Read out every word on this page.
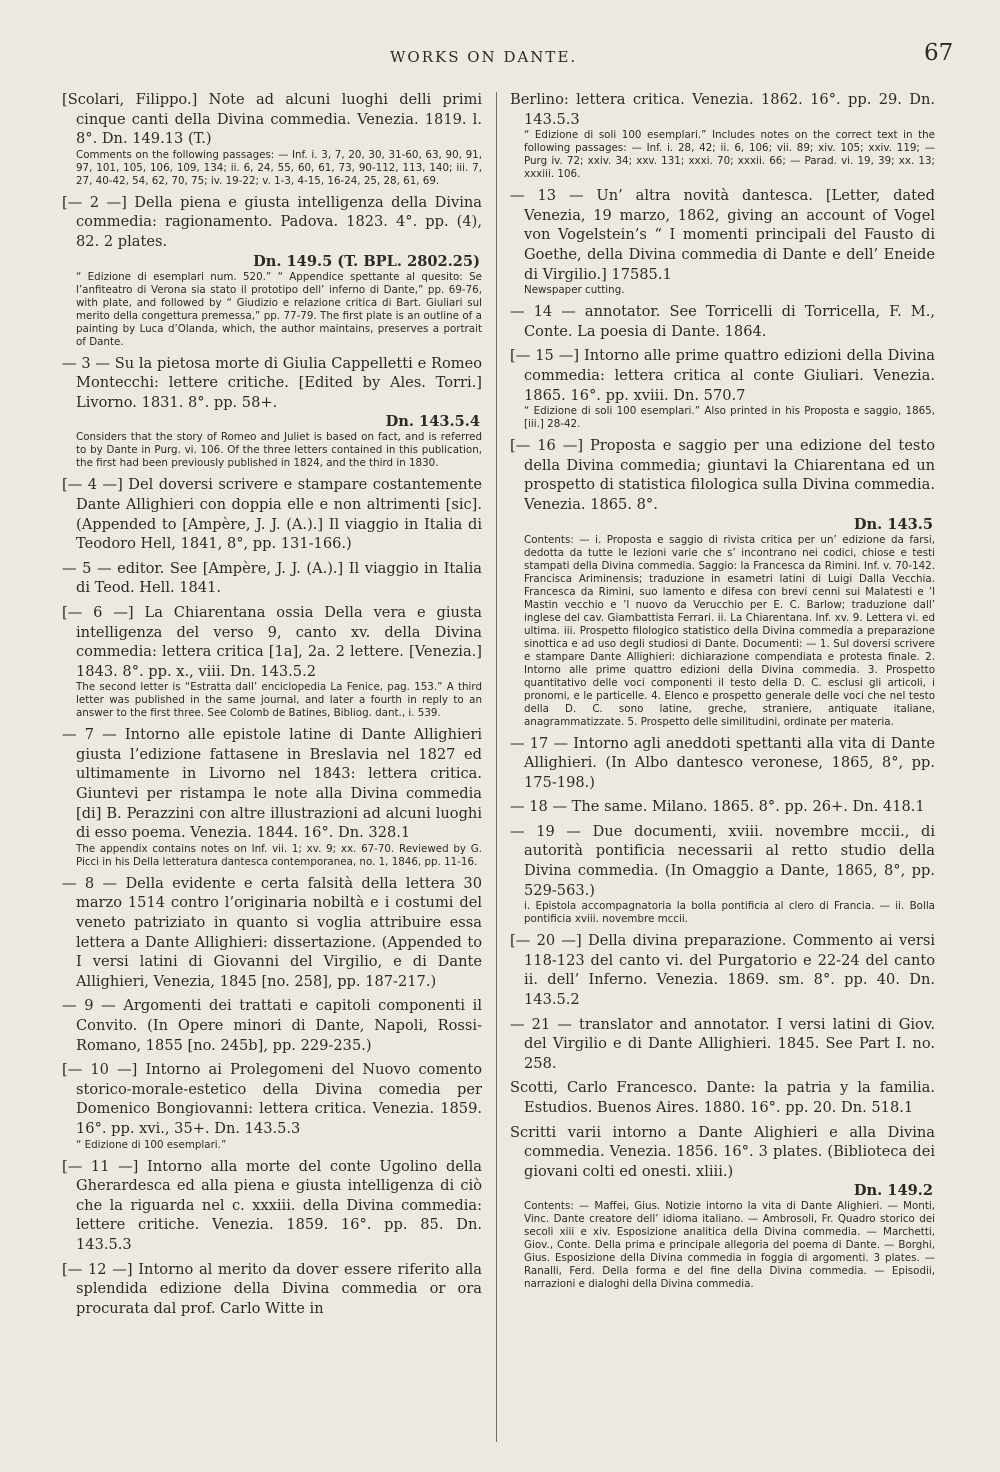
WORKS ON DANTE.	67

[Scolari, Filippo.] Note ad alcuni luoghi delli primi cinque canti della Divina commedia. Venezia. 1819. l. 8°. Dn. 149.13 (T.)

Comments on the following passages: — Inf. i. 3, 7, 20, 30, 31-60, 63, 90, 91, 97, 101, 105, 106, 109, 134; ii. 6, 24, 55, 60, 61, 73, 90-112, 113, 140; iii. 7, 27, 40-42, 54, 62, 70, 75; iv. 19-22; v. 1-3, 4-15, 16-24, 25, 28, 61, 69.

[— 2 —] Della piena e giusta intelligenza della Divina commedia: ragionamento. Padova. 1823. 4°. pp. (4), 82. 2 plates.

Dn. 149.5 (T. BPL. 2802.25)

“ Edizione di esemplari num. 520.” “ Appendice spettante al quesito: Se l’anfiteatro di Verona sia stato il prototipo dell’ inferno di Dante,” pp. 69-76, with plate, and followed by “ Giudizio e relazione critica di Bart. Giuliari sul merito della congettura premessa,” pp. 77-79. The first plate is an outline of a painting by Luca d’Olanda, which, the author maintains, preserves a portrait of Dante.

— 3 — Su la pietosa morte di Giulia Cappelletti e Romeo Montecchi: lettere critiche. [Edited by Ales. Torri.] Livorno. 1831. 8°. pp. 58+.

Dn. 143.5.4

Considers that the story of Romeo and Juliet is based on fact, and is referred to by Dante in Purg. vi. 106. Of the three letters contained in this publication, the first had been previously published in 1824, and the third in 1830.

[— 4 —] Del doversi scrivere e stampare costantemente Dante Allighieri con doppia elle e non altrimenti [sic]. (Appended to [Ampère, J. J. (A.).] Il viaggio in Italia di Teodoro Hell, 1841, 8°, pp. 131-166.)

— 5 — editor. See [Ampère, J. J. (A.).] Il viaggio in Italia di Teod. Hell. 1841.

[— 6 —] La Chiarentana ossia Della vera e giusta intelligenza del verso 9, canto xv. della Divina commedia: lettera critica [1a], 2a. 2 lettere. [Venezia.] 1843. 8°. pp. x., viii. Dn. 143.5.2

The second letter is “Estratta dall’ enciclopedia La Fenice, pag. 153.” A third letter was published in the same journal, and later a fourth in reply to an answer to the first three. See Colomb de Batines, Bibliog. dant., i. 539.

— 7 — Intorno alle epistole latine di Dante Allighieri giusta l’edizione fattasene in Breslavia nel 1827 ed ultimamente in Livorno nel 1843: lettera critica. Giuntevi per ristampa le note alla Divina commedia [di] B. Perazzini con altre illustrazioni ad alcuni luoghi di esso poema. Venezia. 1844. 16°. Dn. 328.1

The appendix contains notes on Inf. vii. 1; xv. 9; xx. 67-70. Reviewed by G. Picci in his Della letteratura dantesca contemporanea, no. 1, 1846, pp. 11-16.

— 8 — Della evidente e certa falsità della lettera 30 marzo 1514 contro l’originaria nobiltà e i costumi del veneto patriziato in quanto si voglia attribuire essa lettera a Dante Allighieri: dissertazione. (Appended to I versi latini di Giovanni del Virgilio, e di Dante Allighieri, Venezia, 1845 [no. 258], pp. 187-217.)

— 9 — Argomenti dei trattati e capitoli componenti il Convito. (In Opere minori di Dante, Napoli, Rossi-Romano, 1855 [no. 245b], pp. 229-235.)

[— 10 —] Intorno ai Prolegomeni del Nuovo comento storico-morale-estetico della Divina comedia per Domenico Bongiovanni: lettera critica. Venezia. 1859. 16°. pp. xvi., 35+. Dn. 143.5.3

“ Edizione di 100 esemplari.”

[— 11 —] Intorno alla morte del conte Ugolino della Gherardesca ed alla piena e giusta intelligenza di ciò che la riguarda nel c. xxxiii. della Divina commedia: lettere critiche. Venezia. 1859. 16°. pp. 85. Dn. 143.5.3

[— 12 —] Intorno al merito da dover essere riferito alla splendida edizione della Divina commedia or ora procurata dal prof. Carlo Witte in

Berlino: lettera critica. Venezia. 1862. 16°. pp. 29. Dn. 143.5.3

“ Edizione di soli 100 esemplari.” Includes notes on the correct text in the following passages: — Inf. i. 28, 42; ii. 6, 106; vii. 89; xiv. 105; xxiv. 119; — Purg iv. 72; xxiv. 34; xxv. 131; xxxi. 70; xxxii. 66; — Parad. vi. 19, 39; xx. 13; xxxiii. 106.

— 13 — Un’ altra novità dantesca. [Letter, dated Venezia, 19 marzo, 1862, giving an account of Vogel von Vogelstein’s “ I momenti principali del Fausto di Goethe, della Divina commedia di Dante e dell’ Eneide di Virgilio.] 17585.1

Newspaper cutting.

— 14 — annotator. See Torricelli di Torricella, F. M., Conte. La poesia di Dante. 1864.

[— 15 —] Intorno alle prime quattro edizioni della Divina commedia: lettera critica al conte Giuliari. Venezia. 1865. 16°. pp. xviii. Dn. 570.7

“ Edizione di soli 100 esemplari.” Also printed in his Proposta e saggio, 1865, [iii.] 28-42.

[— 16 —] Proposta e saggio per una edizione del testo della Divina commedia; giuntavi la Chiarentana ed un prospetto di statistica filologica sulla Divina commedia. Venezia. 1865. 8°.

Dn. 143.5

Contents: — i. Proposta e saggio di rivista critica per un’ edizione da farsi, dedotta da tutte le lezioni varie che s’ incontrano nei codici, chiose e testi stampati della Divina commedia. Saggio: la Francesca da Rimini. Inf. v. 70-142. Francisca Ariminensis; traduzione in esametri latini di Luigi Dalla Vecchia. Francesca da Rimini, suo lamento e difesa con brevi cenni sui Malatesti e ’l Mastin vecchio e ’l nuovo da Verucchio per E. C. Barlow; traduzione dall’ inglese del cav. Giambattista Ferrari. ii. La Chiarentana. Inf. xv. 9. Lettera vi. ed ultima. iii. Prospetto filologico statistico della Divina commedia a preparazione sinottica e ad uso degli studiosi di Dante. Documenti: — 1. Sul doversi scrivere e stampare Dante Allighieri: dichiarazione compendiata e protesta finale. 2. Intorno alle prime quattro edizioni della Divina commedia. 3. Prospetto quantitativo delle voci componenti il testo della D. C. esclusi gli articoli, i pronomi, e le particelle. 4. Elenco e prospetto generale delle voci che nel testo della D. C. sono latine, greche, straniere, antiquate italiane, anagrammatizzate. 5. Prospetto delle similitudini, ordinate per materia.

— 17 — Intorno agli aneddoti spettanti alla vita di Dante Allighieri. (In Albo dantesco veronese, 1865, 8°, pp. 175-198.)

— 18 — The same. Milano. 1865. 8°. pp. 26+. Dn. 418.1

— 19 — Due documenti, xviii. novembre mccii., di autorità pontificia necessarii al retto studio della Divina commedia. (In Omaggio a Dante, 1865, 8°, pp. 529-563.)

i. Epistola accompagnatoria la bolla pontificia al clero di Francia. — ii. Bolla pontificia xviii. novembre mccii.

[— 20 —] Della divina preparazione. Commento ai versi 118-123 del canto vi. del Purgatorio e 22-24 del canto ii. dell’ Inferno. Venezia. 1869. sm. 8°. pp. 40. Dn. 143.5.2

— 21 — translator and annotator. I versi latini di Giov. del Virgilio e di Dante Allighieri. 1845. See Part I. no. 258.

Scotti, Carlo Francesco. Dante: la patria y la familia. Estudios. Buenos Aires. 1880. 16°. pp. 20. Dn. 518.1

Scritti varii intorno a Dante Alighieri e alla Divina commedia. Venezia. 1856. 16°. 3 plates. (Biblioteca dei giovani colti ed onesti. xliii.)

Dn. 149.2

Contents: — Maffei, Gius. Notizie intorno la vita di Dante Alighieri. — Monti, Vinc. Dante creatore dell’ idioma italiano. — Ambrosoli, Fr. Quadro storico dei secoli xiii e xiv. Esposizione analitica della Divina commedia. — Marchetti, Giov., Conte. Della prima e principale allegoria del poema di Dante. — Borghi, Gius. Esposizione della Divina commedia in foggia di argomenti. 3 plates. — Ranalli, Ferd. Della forma e del fine della Divina commedia. — Episodii, narrazioni e dialoghi della Divina commedia.
